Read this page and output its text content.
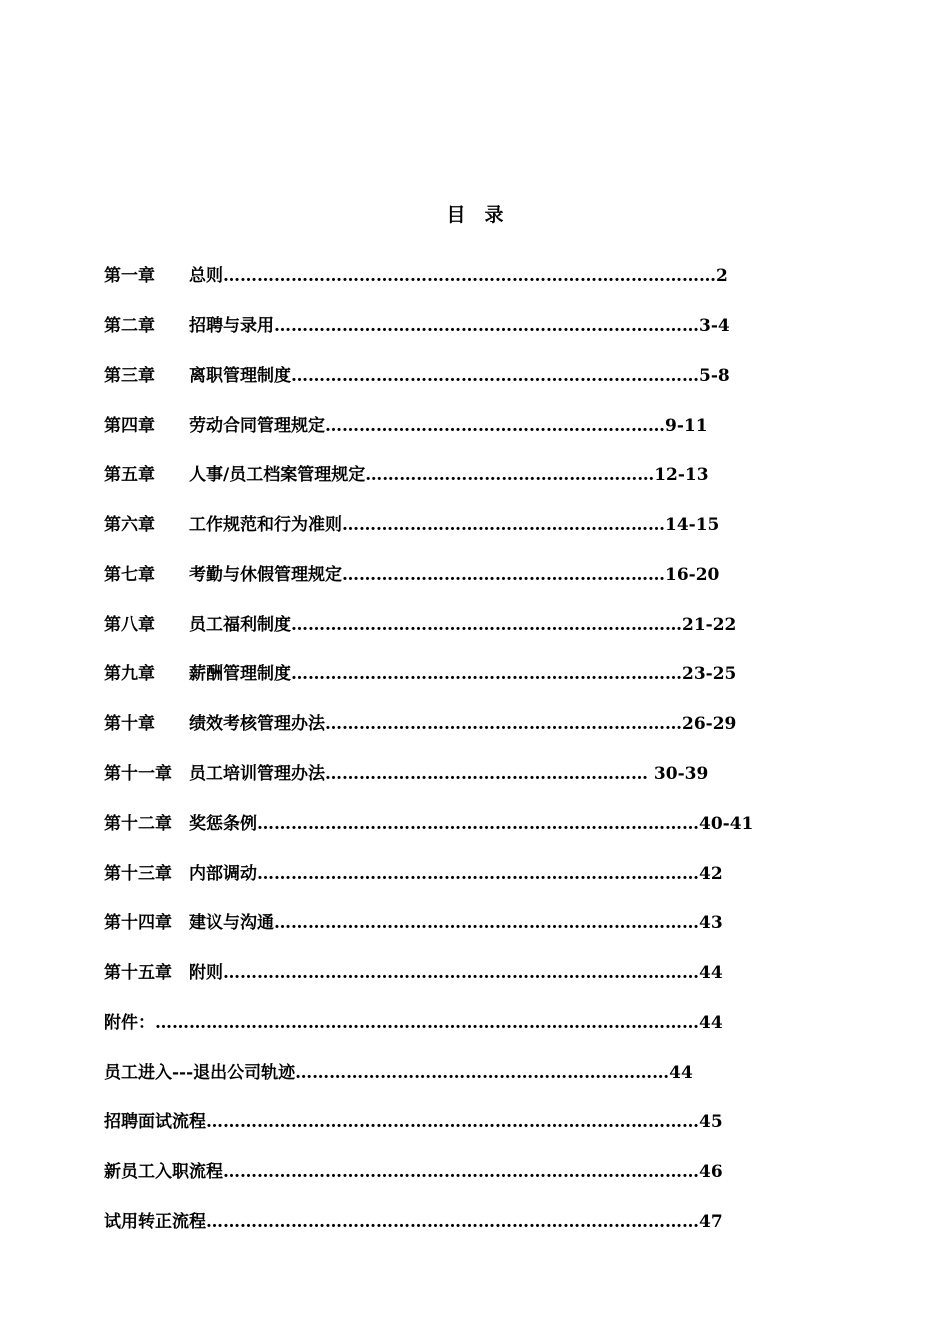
目　录
第一章　　总则……………………………………………………………………………2
第二章　　招聘与录用…………………………………………………………………3-4
第三章　　离职管理制度………………………………………………………………5-8
第四章　　劳动合同管理规定……………………………………………………9-11
第五章　　人事/员工档案管理规定……………………………………………12-13
第六章　　工作规范和行为准则…………………………………………………14-15
第七章　　考勤与休假管理规定…………………………………………………16-20
第八章　　员工福利制度……………………………………………………………21-22
第九章　　薪酬管理制度……………………………………………………………23-25
第十章　　绩效考核管理办法………………………………………………………26-29
第十一章　员工培训管理办法………………………………………………… 30-39
第十二章　奖惩条例……………………………………………………………………40-41
第十三章　内部调动……………………………………………………………………42
第十四章　建议与沟通…………………………………………………………………43
第十五章　附则…………………………………………………………………………44
附件：……………………………………………………………………………………44
员工进入---退出公司轨迹…………………………………………………………44
招聘面试流程……………………………………………………………………………45
新员工入职流程…………………………………………………………………………46
试用转正流程……………………………………………………………………………47
